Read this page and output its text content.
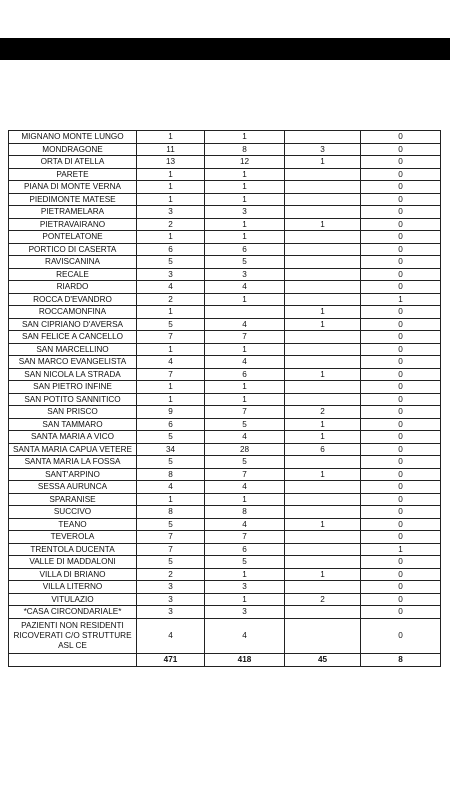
MIGNANO MONTE LUNGO	1	1		0
MONDRAGONE	11	8	3	0
ORTA DI ATELLA	13	12	1	0
PARETE	1	1		0
PIANA DI MONTE VERNA	1	1		0
PIEDIMONTE MATESE	1	1		0
PIETRAMELARA	3	3		0
PIETRAVAIRANO	2	1	1	0
PONTELATONE	1	1		0
PORTICO DI CASERTA	6	6		0
RAVISCANINA	5	5		0
RECALE	3	3		0
RIARDO	4	4		0
ROCCA D'EVANDRO	2	1		1
ROCCAMONFINA	1		1	0
SAN CIPRIANO D'AVERSA	5	4	1	0
SAN FELICE A CANCELLO	7	7		0
SAN MARCELLINO	1	1		0
SAN MARCO EVANGELISTA	4	4		0
SAN NICOLA LA STRADA	7	6	1	0
SAN PIETRO INFINE	1	1		0
SAN POTITO SANNITICO	1	1		0
SAN PRISCO	9	7	2	0
SAN TAMMARO	6	5	1	0
SANTA MARIA A VICO	5	4	1	0
SANTA MARIA CAPUA VETERE	34	28	6	0
SANTA MARIA LA FOSSA	5	5		0
SANT'ARPINO	8	7	1	0
SESSA AURUNCA	4	4		0
SPARANISE	1	1		0
SUCCIVO	8	8		0
TEANO	5	4	1	0
TEVEROLA	7	7		0
TRENTOLA DUCENTA	7	6		1
VALLE DI MADDALONI	5	5		0
VILLA DI BRIANO	2	1	1	0
VILLA LITERNO	3	3		0
VITULAZIO	3	1	2	0
*CASA CIRCONDARIALE*	3	3		0
PAZIENTI NON RESIDENTI RICOVERATI C/O STRUTTURE ASL CE	4	4		0
	471	418	45	8
